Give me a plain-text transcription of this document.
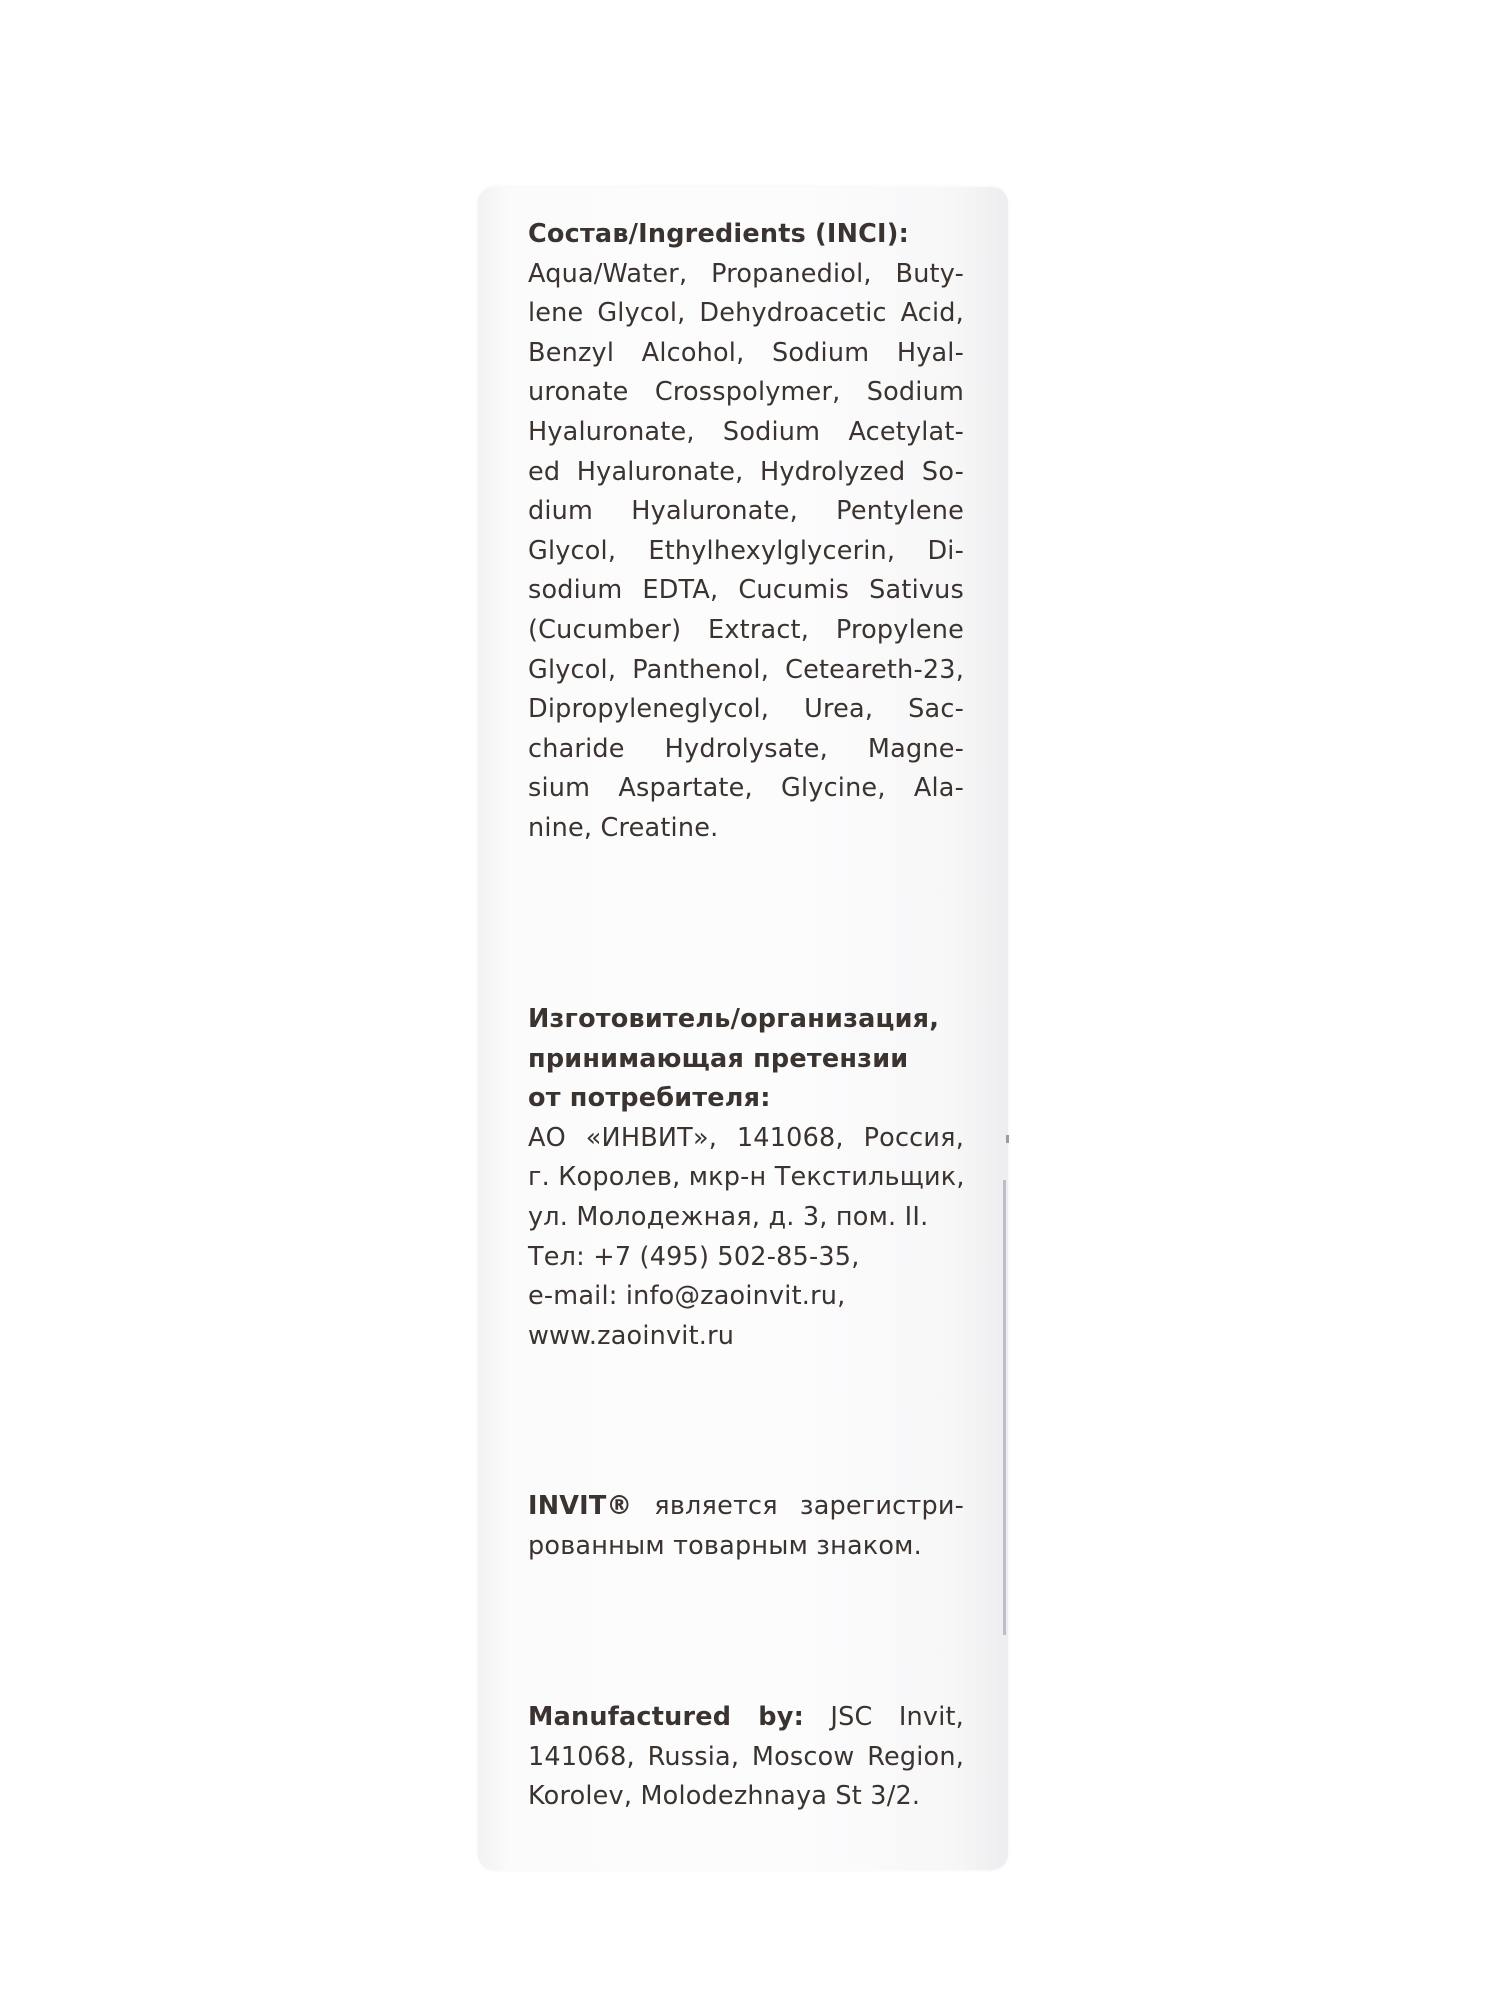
Состав/Ingredients (INCI):
Aqua/Water, Propanediol, Buty-
lene Glycol, Dehydroacetic Acid,
Benzyl Alcohol, Sodium Hyal-
uronate Crosspolymer, Sodium
Hyaluronate, Sodium Acetylat-
ed Hyaluronate, Hydrolyzed So-
dium Hyaluronate, Pentylene
Glycol, Ethylhexylglycerin, Di-
sodium EDTA, Cucumis Sativus
(Cucumber) Extract, Propylene
Glycol, Panthenol, Ceteareth-23,
Dipropyleneglycol, Urea, Sac-
charide Hydrolysate, Magne-
sium Aspartate, Glycine, Ala-
nine, Creatine.
Изготовитель/организация,
принимающая претензии
от потребителя:
АО «ИНВИТ», 141068, Россия,
г. Королев, мкр-н Текстильщик,
ул. Молодежная, д. 3, пом. II.
Тел: +7 (495) 502-85-35,
e-mail: info@zaoinvit.ru,
www.zaoinvit.ru
INVIT® является зарегистри-
рованным товарным знаком.
Manufactured by: JSC Invit,
141068, Russia, Moscow Region,
Korolev, Molodezhnaya St 3/2.
